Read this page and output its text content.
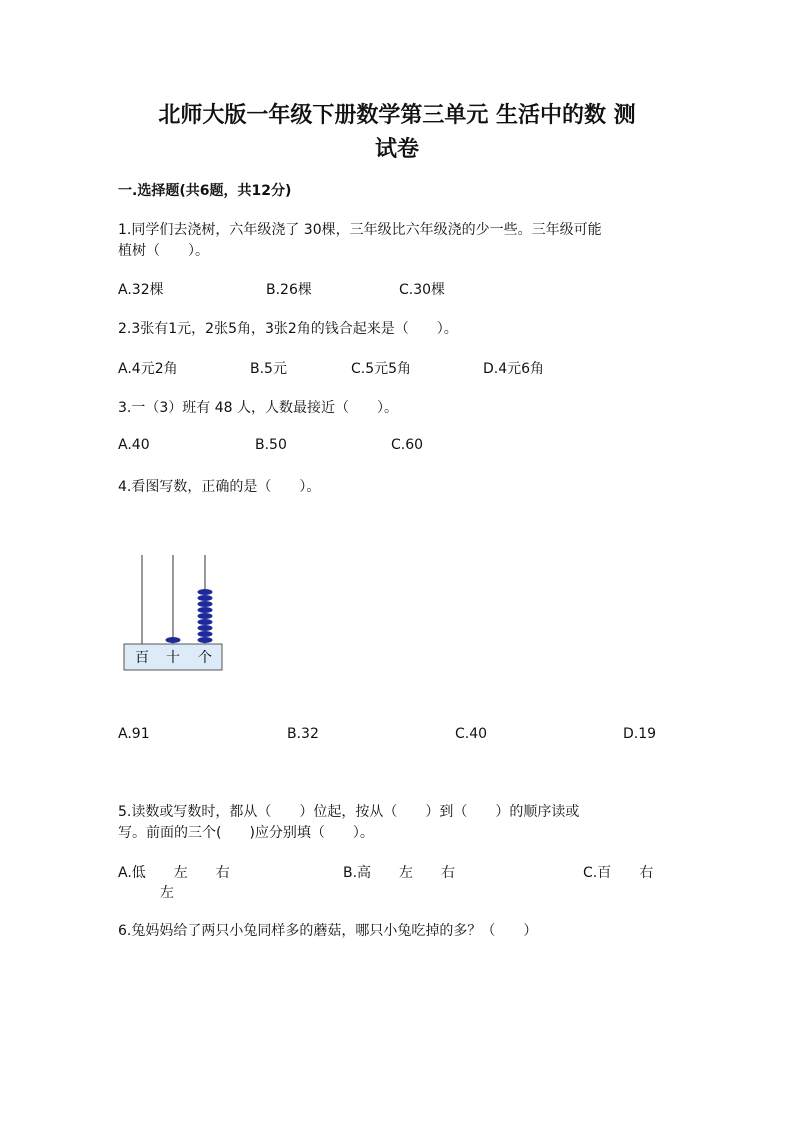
北师大版一年级下册数学第三单元 生活中的数 测
试卷
一.选择题(共6题，共12分)
1.同学们去浇树，六年级浇了 30棵，三年级比六年级浇的少一些。三年级可能
植树（　　）。
A.32棵	B.26棵	C.30棵
2.3张有1元，2张5角，3张2角的钱合起来是（　　）。
A.4元2角	B.5元	C.5元5角	D.4元6角
3.一（3）班有 48 人，人数最接近（　　）。
A.40	B.50	C.60
4.看图写数，正确的是（　　）。
百 十 个
A.91	B.32	C.40	D.19
5.读数或写数时，都从（　　）位起，按从（　　）到（　　）的顺序读或
写。前面的三个(　　)应分别填（　　）。
A.低　　左　　右	B.高　　左　　右	C.百　　右
左
6.兔妈妈给了两只小兔同样多的蘑菇，哪只小兔吃掉的多？（　　）
